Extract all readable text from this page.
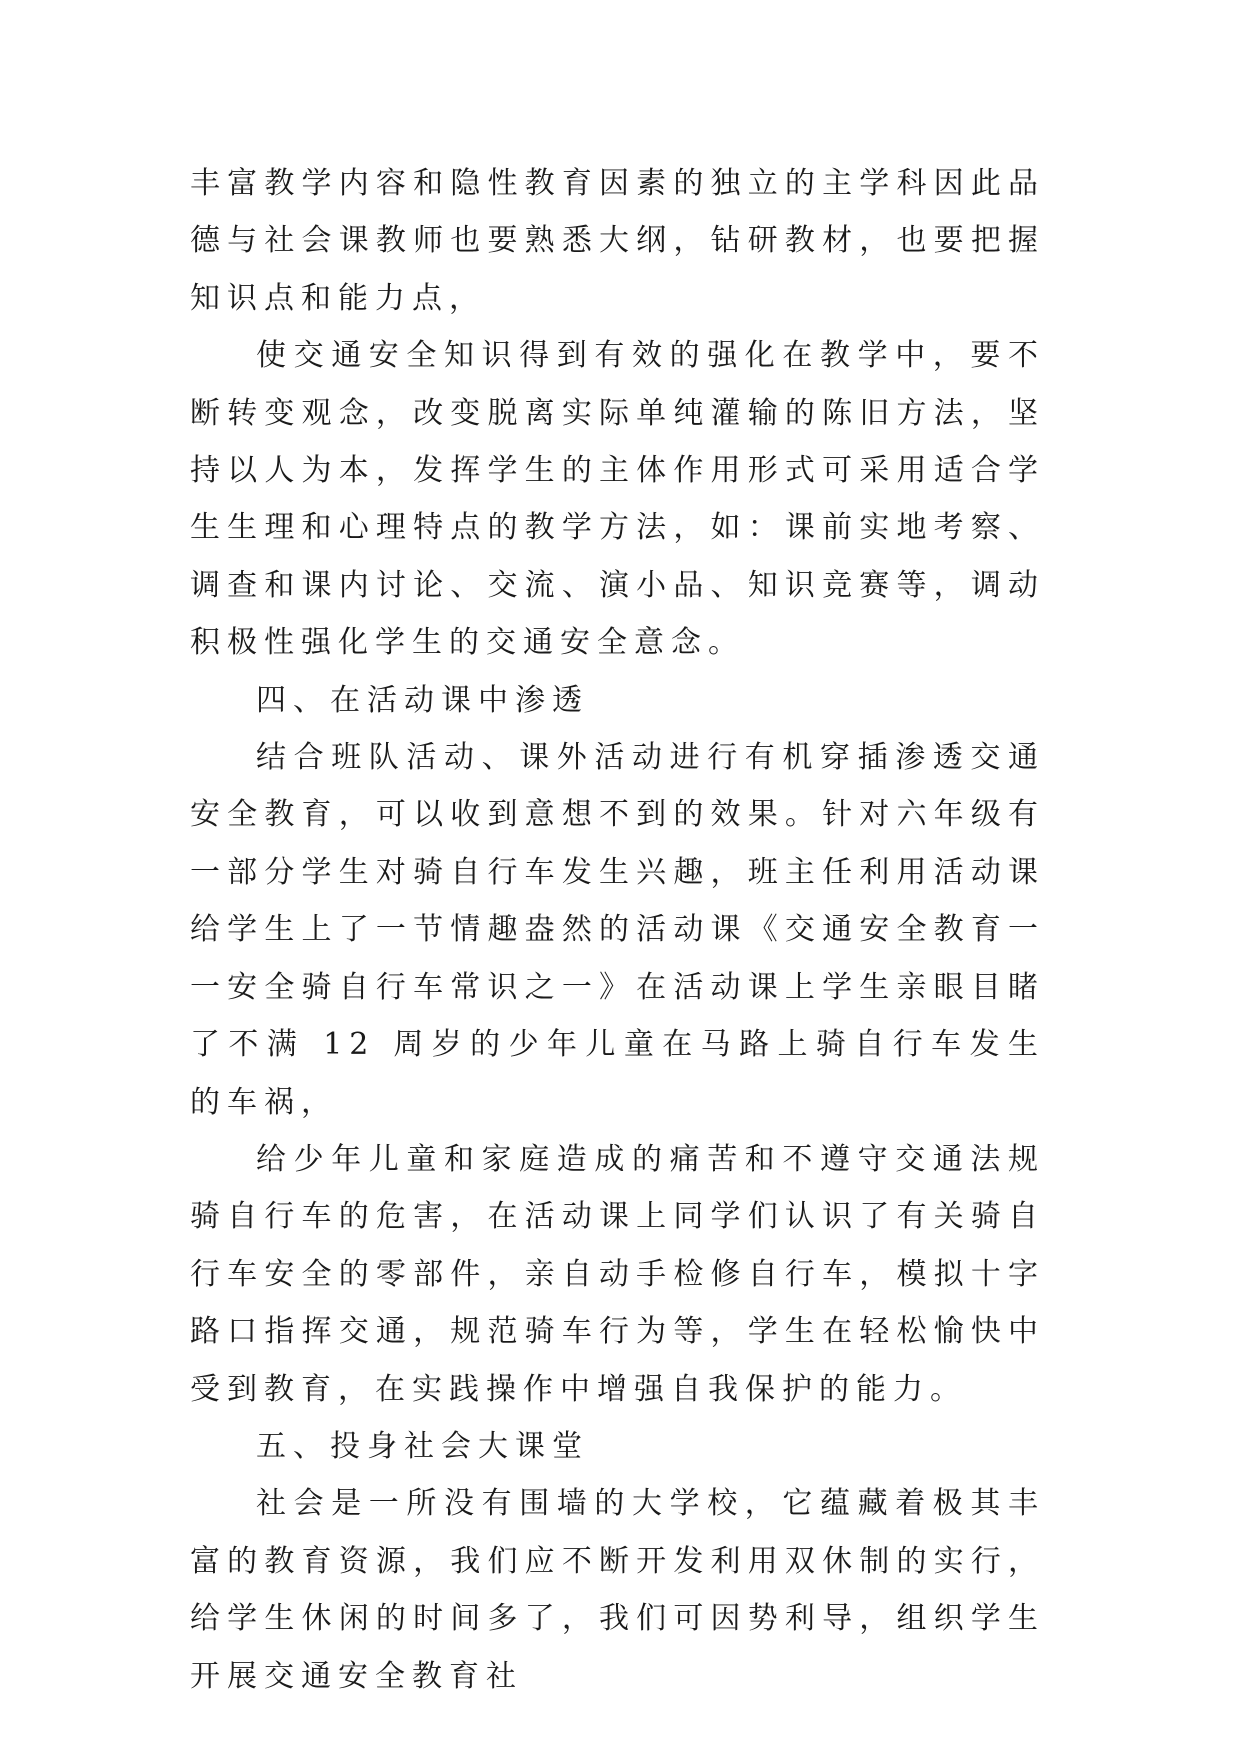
丰富教学内容和隐性教育因素的独立的主学科因此品德与社会课教师也要熟悉大纲，钻研教材，也要把握知识点和能力点，

使交通安全知识得到有效的强化在教学中，要不断转变观念，改变脱离实际单纯灌输的陈旧方法，坚持以人为本，发挥学生的主体作用形式可采用适合学生生理和心理特点的教学方法，如：课前实地考察、调查和课内讨论、交流、演小品、知识竞赛等，调动积极性强化学生的交通安全意念。

四、在活动课中渗透

结合班队活动、课外活动进行有机穿插渗透交通安全教育，可以收到意想不到的效果。针对六年级有一部分学生对骑自行车发生兴趣，班主任利用活动课给学生上了一节情趣盎然的活动课《交通安全教育一一安全骑自行车常识之一》在活动课上学生亲眼目睹了不满 12 周岁的少年儿童在马路上骑自行车发生的车祸，

给少年儿童和家庭造成的痛苦和不遵守交通法规骑自行车的危害，在活动课上同学们认识了有关骑自行车安全的零部件，亲自动手检修自行车，模拟十字路口指挥交通，规范骑车行为等，学生在轻松愉快中受到教育，在实践操作中增强自我保护的能力。

五、投身社会大课堂

社会是一所没有围墙的大学校，它蕴藏着极其丰富的教育资源，我们应不断开发利用双休制的实行，给学生休闲的时间多了，我们可因势利导，组织学生开展交通安全教育社
